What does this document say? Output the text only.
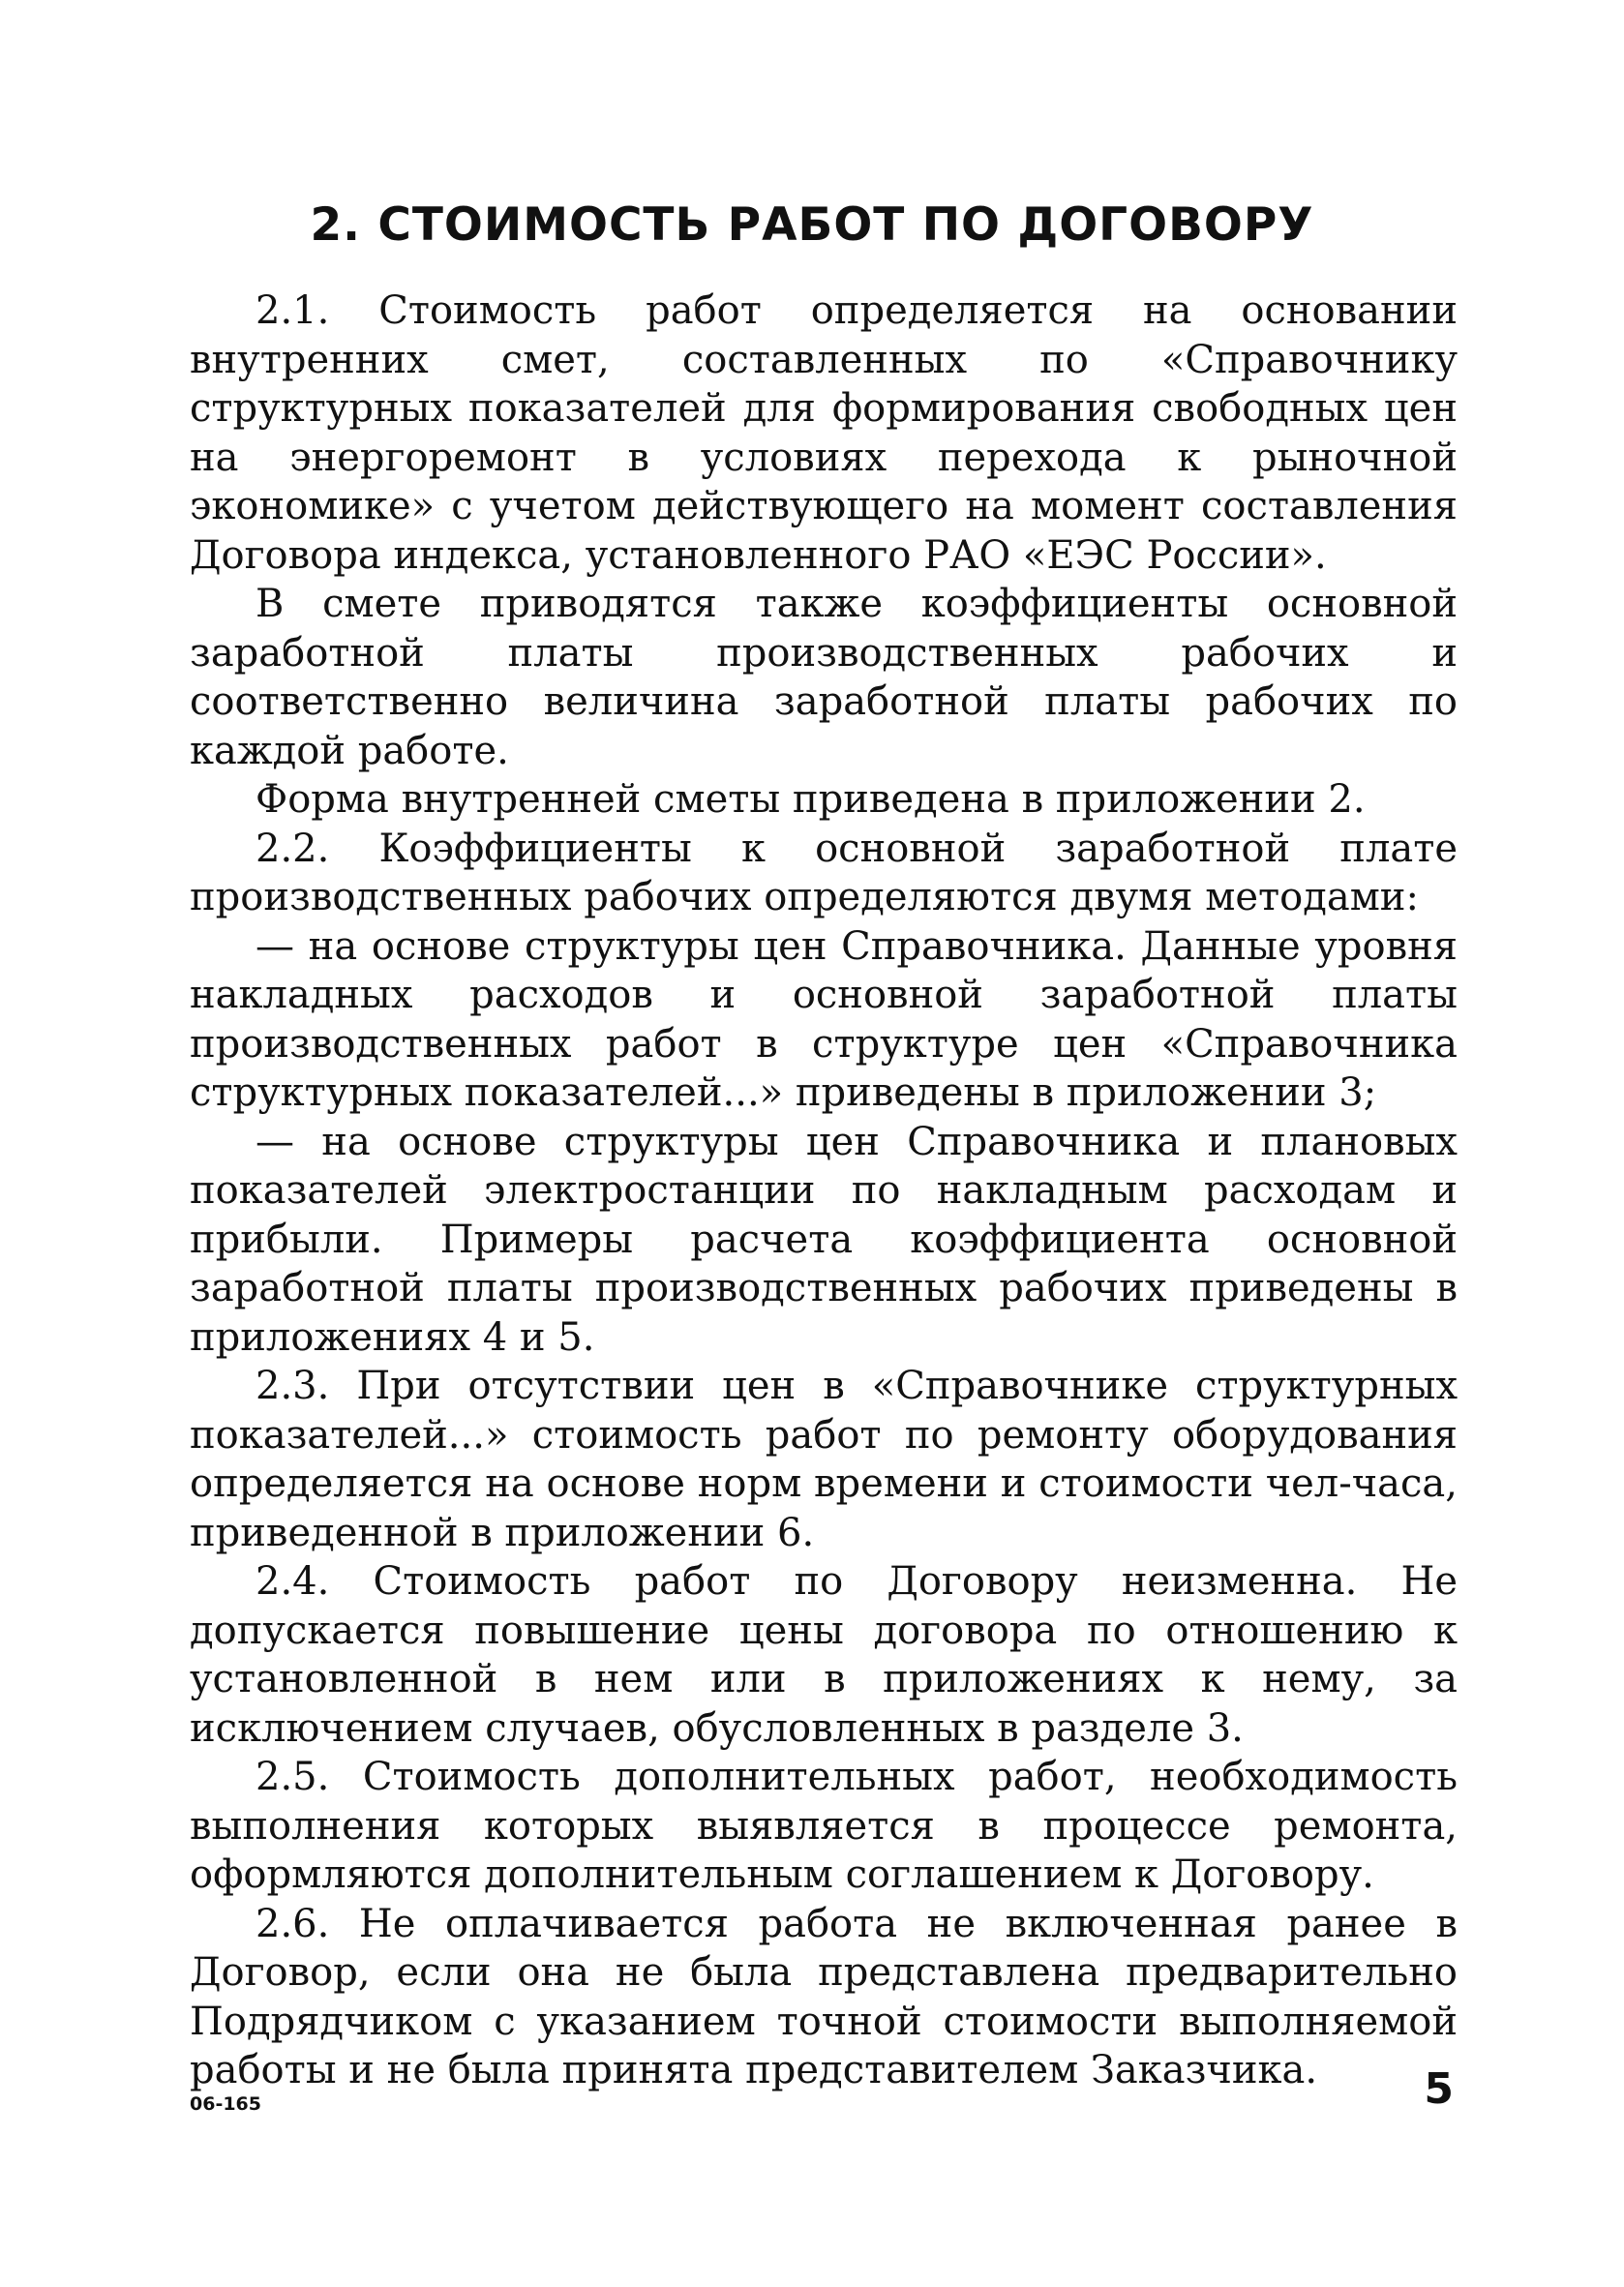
2. СТОИМОСТЬ РАБОТ ПО ДОГОВОРУ

2.1. Стоимость работ определяется на основании внутренних смет, составленных по «Справочнику структурных показателей для формирования свободных цен на энергоремонт в условиях перехода к рыночной экономике» с учетом действующего на момент составления Договора индекса, установленного РАО «ЕЭС России».

В смете приводятся также коэффициенты основной заработной платы производственных рабочих и соответственно величина заработной платы рабочих по каждой работе.

Форма внутренней сметы приведена в приложении 2.

2.2. Коэффициенты к основной заработной плате производственных рабочих определяются двумя методами:

— на основе структуры цен Справочника. Данные уровня накладных расходов и основной заработной платы производственных работ в структуре цен «Справочника структурных показателей...» приведены в приложении 3;

— на основе структуры цен Справочника и плановых показателей электростанции по накладным расходам и прибыли. Примеры расчета коэффициента основной заработной платы производственных рабочих приведены в приложениях 4 и 5.

2.3. При отсутствии цен в «Справочнике структурных показателей...» стоимость работ по ремонту оборудования определяется на основе норм времени и стоимости чел-часа, приведенной в приложении 6.

2.4. Стоимость работ по Договору неизменна. Не допускается повышение цены договора по отношению к установленной в нем или в приложениях к нему, за исключением случаев, обусловленных в разделе 3.

2.5. Стоимость дополнительных работ, необходимость выполнения которых выявляется в процессе ремонта, оформляются дополнительным соглашением к Договору.

2.6. Не оплачивается работа не включенная ранее в Договор, если она не была представлена предварительно Подрядчиком с указанием точной стоимости выполняемой работы и не была принята представителем Заказчика.

06-165	5
